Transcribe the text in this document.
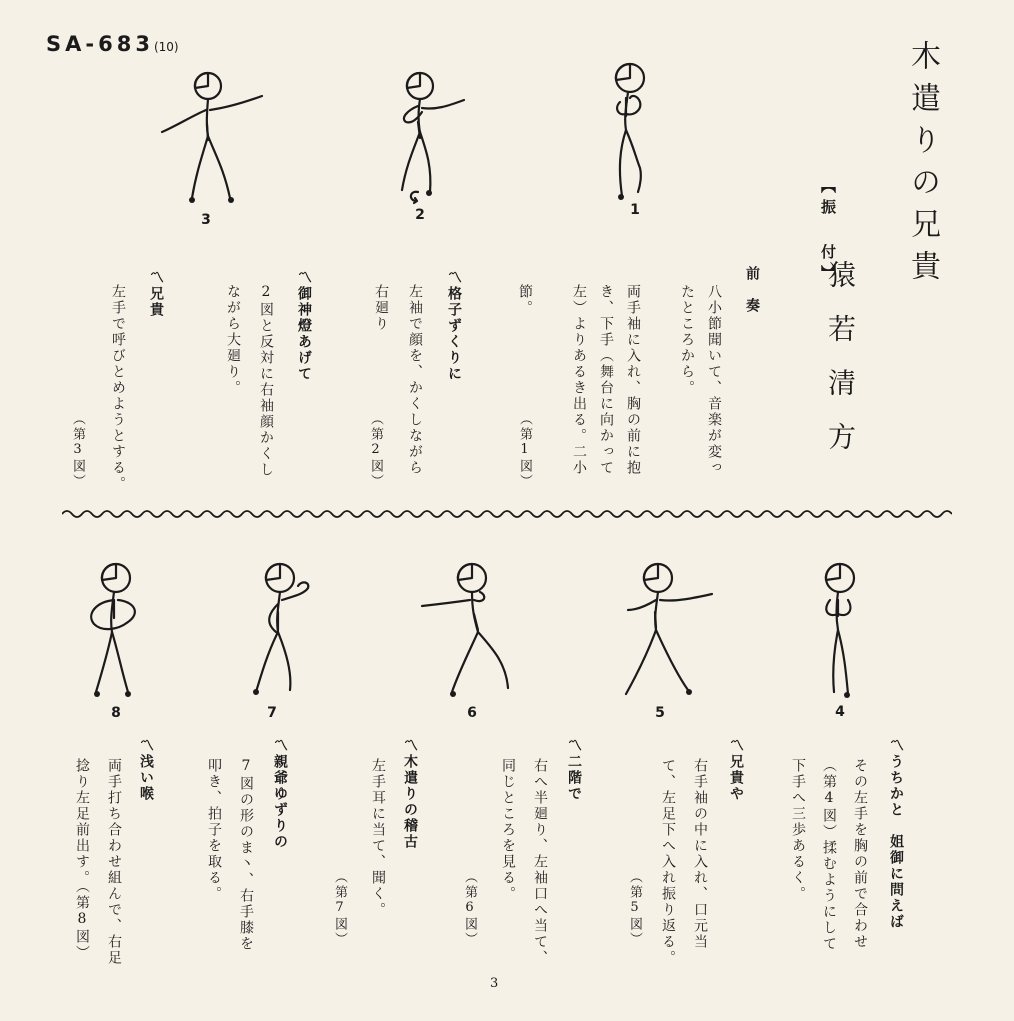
SA-683(10)	木遣りの兄貴
【振 付】
猿若清方
1
2
3
前　奏
八小節聞いて、音楽が変っ
たところから。
両手袖に入れ、胸の前に抱
き、下手（舞台に向かって
左）よりあるき出る。二小
節。
（第1図）
〽格子ずくりに
左袖で顔を、かくしながら
右廻り
（第2図）
〽御神燈あげて
2図と反対に右袖顔かくし
ながら大廻り。
〽兄貴
左手で呼びとめようとする。
（第3図）
4
5
6
7
8
〽うちかと　姐御に問えば
その左手を胸の前で合わせ
（第4図）揉むようにして
下手へ三歩あるく。
〽兄貴や
右手袖の中に入れ、口元当
て、左足下へ入れ振り返る。
（第5図）
〽二階で
右へ半廻り、左袖口へ当て、
同じところを見る。
（第6図）
〽木遣りの稽古
左手耳に当て、聞く。
（第7図）
〽親爺ゆずりの
7図の形のま丶、右手膝を
叩き、拍子を取る。
〽浅い喉
両手打ち合わせ組んで、右足
捻り左足前出す。（第8図）
3
